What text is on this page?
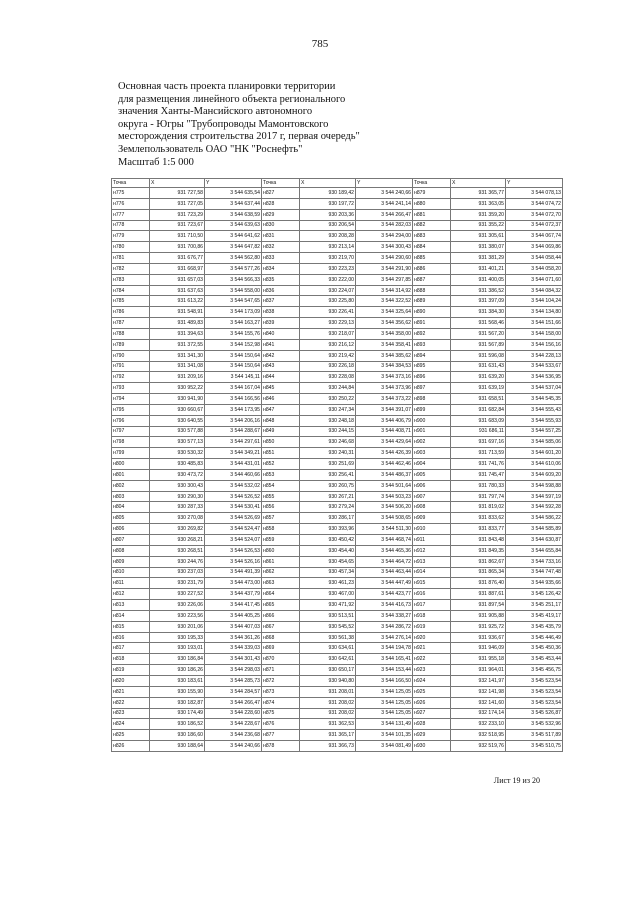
785
Основная часть проекта планировки территории
для размещения линейного объекта регионального
значения Ханты-Мансийского автономного
округа - Югры "Трубопроводы Мамонтовского
месторождения строительства 2017 г, первая очередь"
Землепользователь ОАО "НК "Роснефть"
Масштаб 1:5 000
Точка	X	Y	Точка	X	Y	Точка	X	Y
н775	931 727,58	3 544 635,54	н827	930 189,42	3 544 240,66	н879	931 365,77	3 544 078,13
н776	931 727,05	3 544 637,44	н828	930 197,72	3 544 241,14	н880	931 363,05	3 544 074,72
н777	931 723,29	3 544 638,59	н829	930 203,36	3 544 266,47	н881	931 359,20	3 544 072,70
н778	931 723,67	3 544 639,63	н830	930 206,54	3 544 282,03	н882	931 355,22	3 544 072,37
н779	931 710,50	3 544 641,62	н831	930 208,28	3 544 294,00	н883	931 305,61	3 544 067,74
н780	931 700,86	3 544 647,82	н832	930 213,14	3 544 300,43	н884	931 380,07	3 544 069,86
н781	931 676,77	3 544 562,80	н833	930 219,70	3 544 290,60	н885	931 381,29	3 544 058,44
н782	931 668,97	3 544 577,26	н834	930 223,23	3 544 291,90	н886	931 401,21	3 544 058,20
н783	931 657,03	3 544 566,33	н835	930 222,00	3 544 297,85	н887	931 400,05	3 544 071,60
н784	931 637,63	3 544 558,00	н836	930 224,07	3 544 314,92	н888	931 386,52	3 544 084,32
н785	931 613,22	3 544 547,65	н837	930 225,80	3 544 322,52	н889	931 397,09	3 544 104,24
н786	931 548,91	3 544 173,09	н838	930 226,41	3 544 325,64	н890	931 384,30	3 544 134,80
н787	931 489,83	3 544 163,27	н839	930 229,13	3 544 356,62	н891	931 568,46	3 544 151,66
н788	931 394,63	3 544 155,76	н840	930 218,07	3 544 358,00	н892	931 567,20	3 544 158,00
н789	931 372,55	3 544 152,98	н841	930 216,12	3 544 358,41	н893	931 567,89	3 544 156,16
н790	931 341,30	3 544 150,64	н842	930 219,42	3 544 385,62	н894	931 596,08	3 544 228,13
н791	931 341,08	3 544 150,64	н843	930 226,18	3 544 384,53	н895	931 631,43	3 544 533,67
н792	931 209,16	3 544 145,11	н844	930 228,08	3 544 373,16	н896	931 639,20	3 544 536,95
н793	930 952,22	3 544 167,04	н845	930 244,84	3 544 373,96	н897	931 639,19	3 544 537,04
н794	930 941,90	3 544 166,56	н846	930 250,22	3 544 373,22	н898	931 658,51	3 544 545,35
н795	930 660,67	3 544 173,95	н847	930 247,34	3 544 391,07	н899	931 682,84	3 544 555,43
н796	930 640,55	3 544 206,16	н848	930 248,18	3 544 406,79	н900	931 683,09	3 544 555,93
н797	930 577,88	3 544 288,67	н849	930 244,15	3 544 408,71	н901	931 686,11	3 544 557,25
н798	930 577,13	3 544 297,61	н850	930 246,68	3 544 429,64	н902	931 697,16	3 544 585,06
н799	930 530,32	3 544 349,21	н851	930 240,31	3 544 426,39	н903	931 713,59	3 544 601,20
н800	930 485,83	3 544 431,01	н852	930 251,69	3 544 462,46	н904	931 741,76	3 544 610,06
н801	930 473,72	3 544 460,66	н853	930 256,41	3 544 486,37	н905	931 745,47	3 544 609,20
н802	930 300,43	3 544 532,02	н854	930 260,75	3 544 501,64	н906	931 780,33	3 544 598,88
н803	930 290,30	3 544 526,52	н855	930 267,21	3 544 503,23	н907	931 797,74	3 544 597,19
н804	930 287,33	3 544 530,41	н856	930 279,24	3 544 506,20	н908	931 819,02	3 544 592,28
н805	930 270,08	3 544 526,69	н857	930 286,17	3 544 508,65	н909	931 833,62	3 544 586,22
н806	930 269,82	3 544 524,47	н858	930 393,96	3 544 511,30	н910	931 833,77	3 544 585,89
н807	930 268,21	3 544 524,07	н859	930 450,42	3 544 468,74	н911	931 843,48	3 544 630,87
н808	930 268,51	3 544 526,53	н860	930 454,40	3 544 465,36	н912	931 849,35	3 544 655,84
н809	930 244,76	3 544 526,16	н861	930 454,65	3 544 464,72	н913	931 862,67	3 544 733,16
н810	930 237,03	3 544 491,39	н862	930 457,34	3 544 463,44	н914	931 865,34	3 544 747,48
н811	930 231,79	3 544 473,00	н863	930 461,23	3 544 447,49	н915	931 876,40	3 544 935,66
н812	930 227,52	3 544 437,79	н864	930 467,00	3 544 423,77	н916	931 887,61	3 545 126,42
н813	930 226,06	3 544 417,45	н865	930 471,92	3 544 416,73	н917	931 897,54	3 545 251,17
н814	930 223,56	3 544 405,25	н866	930 513,51	3 544 338,27	н918	931 905,88	3 545 419,17
н815	930 201,06	3 544 407,03	н867	930 545,52	3 544 286,72	н919	931 925,72	3 545 435,79
н816	930 195,33	3 544 361,26	н868	930 561,38	3 544 276,14	н920	931 936,67	3 545 446,49
н817	930 193,01	3 544 339,03	н869	930 634,61	3 544 194,78	н921	931 946,09	3 545 450,36
н818	930 186,84	3 544 301,43	н870	930 642,61	3 544 165,41	н922	931 955,18	3 545 453,44
н819	930 186,26	3 544 298,03	н871	930 650,17	3 544 153,44	н923	931 964,01	3 545 456,75
н820	930 183,61	3 544 285,73	н872	930 940,80	3 544 166,50	н924	932 141,97	3 545 523,54
н821	930 155,90	3 544 284,57	н873	931 208,01	3 544 125,05	н925	932 141,98	3 545 523,54
н822	930 182,87	3 544 266,47	н874	931 208,02	3 544 125,05	н926	932 141,60	3 545 523,54
н823	930 174,49	3 544 228,60	н875	931 208,02	3 544 125,05	н927	932 174,14	3 545 526,87
н824	930 186,52	3 544 228,67	н876	931 362,53	3 544 131,49	н928	932 233,10	3 545 532,96
н825	930 186,60	3 544 236,68	н877	931 365,17	3 544 101,35	н929	932 518,95	3 545 517,89
н826	930 188,64	3 544 240,66	н878	931 366,73	3 544 081,49	н930	932 519,76	3 545 510,75
Лист 19 из 20
